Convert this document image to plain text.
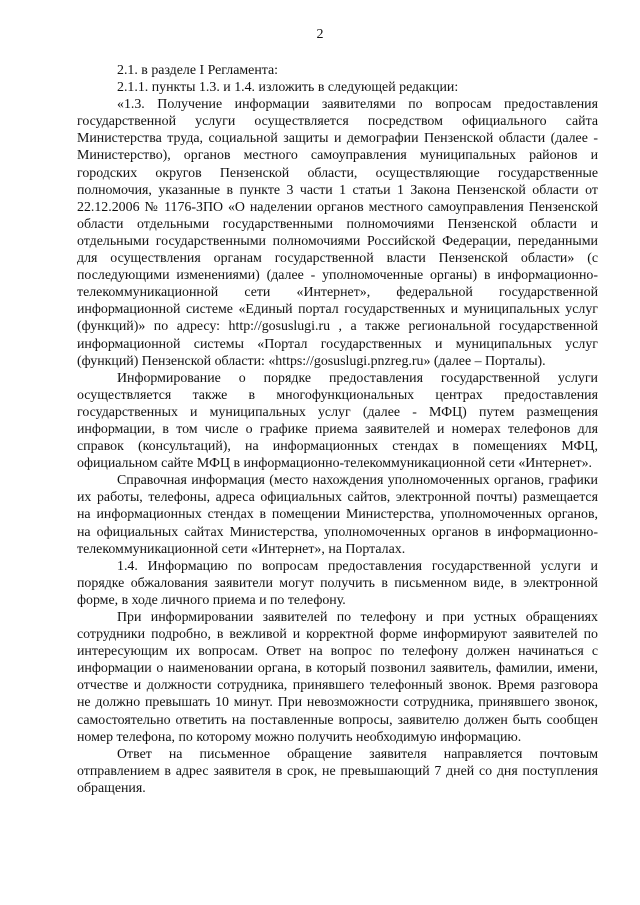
2

2.1. в разделе I Регламента:

2.1.1. пункты 1.3. и 1.4. изложить в следующей редакции:

«1.3. Получение информации заявителями по вопросам предоставления государственной услуги осуществляется посредством официального сайта Министерства труда, социальной защиты и демографии Пензенской области (далее - Министерство), органов местного самоуправления муниципальных районов и городских округов Пензенской области, осуществляющие государственные полномочия, указанные в пункте 3 части 1 статьи 1 Закона Пензенской области от 22.12.2006 № 1176-ЗПО «О наделении органов местного самоуправления Пензенской области отдельными государственными полномочиями Пензенской области и отдельными государственными полномочиями Российской Федерации, переданными для осуществления органам государственной власти Пензенской области» (с последующими изменениями) (далее - уполномоченные органы) в информационно-телекоммуникационной сети «Интернет», федеральной государственной информационной системе «Единый портал государственных и муниципальных услуг (функций)» по адресу: http://gosuslugi.ru , а также региональной государственной информационной системы «Портал государственных и муниципальных услуг (функций) Пензенской области: «https://gosuslugi.pnzreg.ru» (далее – Порталы).

Информирование о порядке предоставления государственной услуги осуществляется также в многофункциональных центрах предоставления государственных и муниципальных услуг (далее - МФЦ) путем размещения информации, в том числе о графике приема заявителей и номерах телефонов для справок (консультаций), на информационных стендах в помещениях МФЦ, официальном сайте МФЦ в информационно-телекоммуникационной сети «Интернет».

Справочная информация (место нахождения уполномоченных органов, графики их работы, телефоны, адреса официальных сайтов, электронной почты) размещается на информационных стендах в помещении Министерства, уполномоченных органов, на официальных сайтах Министерства, уполномоченных органов в информационно-телекоммуникационной сети «Интернет», на Порталах.

1.4. Информацию по вопросам предоставления государственной услуги и порядке обжалования заявители могут получить в письменном виде, в электронной форме, в ходе личного приема и по телефону.

При информировании заявителей по телефону и при устных обращениях сотрудники подробно, в вежливой и корректной форме информируют заявителей по интересующим их вопросам. Ответ на вопрос по телефону должен начинаться с информации о наименовании органа, в который позвонил заявитель, фамилии, имени, отчестве и должности сотрудника, принявшего телефонный звонок. Время разговора не должно превышать 10 минут. При невозможности сотрудника, принявшего звонок, самостоятельно ответить на поставленные вопросы, заявителю должен быть сообщен номер телефона, по которому можно получить необходимую информацию.

Ответ на письменное обращение заявителя направляется почтовым отправлением в адрес заявителя в срок, не превышающий 7 дней со дня поступления обращения.
